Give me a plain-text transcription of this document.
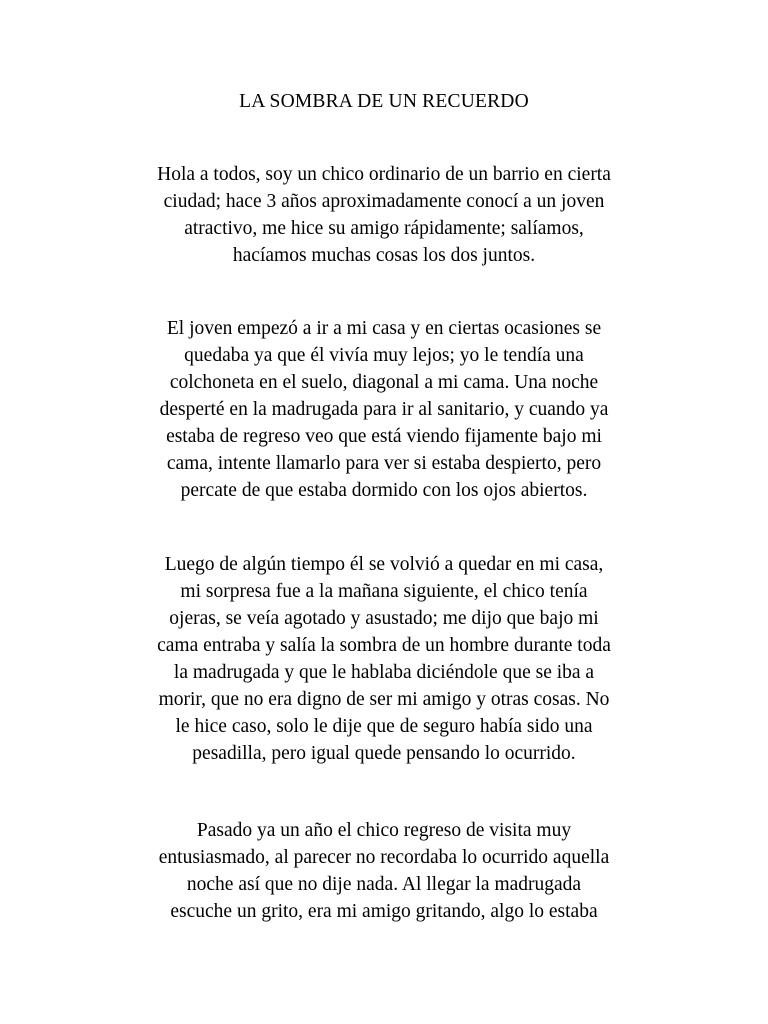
LA SOMBRA DE UN RECUERDO
Hola a todos, soy un chico ordinario de un barrio en cierta
ciudad; hace 3 años aproximadamente conocí a un joven
atractivo, me hice su amigo rápidamente; salíamos,
hacíamos muchas cosas los dos juntos.
El joven empezó a ir a mi casa y en ciertas ocasiones se
quedaba ya que él vivía muy lejos; yo le tendía una
colchoneta en el suelo, diagonal a mi cama. Una noche
desperté en la madrugada para ir al sanitario, y cuando ya
estaba de regreso veo que está viendo fijamente bajo mi
cama, intente llamarlo para ver si estaba despierto, pero
percate de que estaba dormido con los ojos abiertos.
Luego de algún tiempo él se volvió a quedar en mi casa,
mi sorpresa fue a la mañana siguiente, el chico tenía
ojeras, se veía agotado y asustado; me dijo que bajo mi
cama entraba y salía la sombra de un hombre durante toda
la madrugada y que le hablaba diciéndole que se iba a
morir, que no era digno de ser mi amigo y otras cosas. No
le hice caso, solo le dije que de seguro había sido una
pesadilla, pero igual quede pensando lo ocurrido.
Pasado ya un año el chico regreso de visita muy
entusiasmado, al parecer no recordaba lo ocurrido aquella
noche así que no dije nada. Al llegar la madrugada
escuche un grito, era mi amigo gritando, algo lo estaba
